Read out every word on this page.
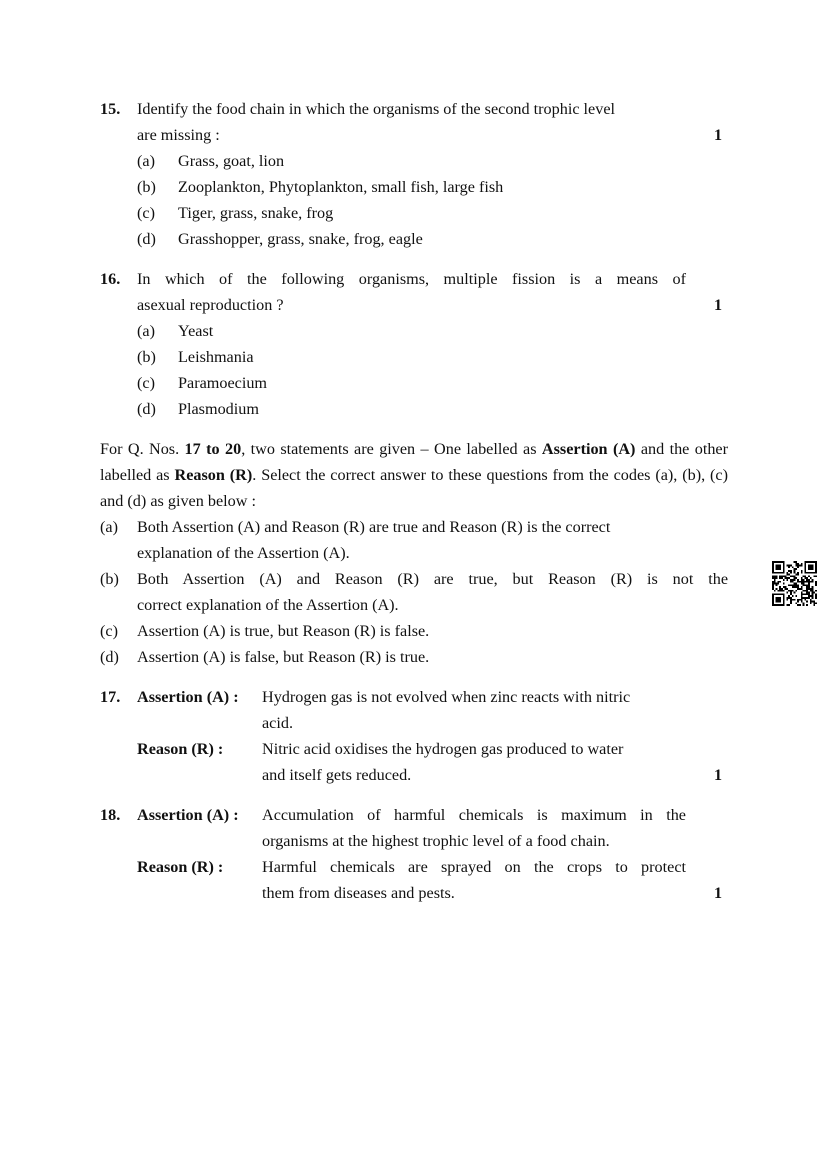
15.
1
Identify the food chain in which the organisms of the second trophic level
are missing :
(a)	Grass, goat, lion
(b)	Zooplankton, Phytoplankton, small fish, large fish
(c)	Tiger, grass, snake, frog
(d)	Grasshopper, grass, snake, frog, eagle
16.
1
In which of the following organisms, multiple fission is a means of
asexual reproduction ?
(a)	Yeast
(b)	Leishmania
(c)	Paramoecium
(d)	Plasmodium

For Q. Nos. 17 to 20, two statements are given – One labelled as Assertion (A) and the other labelled as Reason (R). Select the correct answer to these questions from the codes (a), (b), (c) and (d) as given below :

(a)	Both Assertion (A) and Reason (R) are true and Reason (R) is the correct
explanation of the Assertion (A).
(b)	Both Assertion (A) and Reason (R) are true, but Reason (R) is not the
correct explanation of the Assertion (A).
(c)	Assertion (A) is true, but Reason (R) is false.
(d)	Assertion (A) is false, but Reason (R) is true.
17.	Assertion (A) :	Hydrogen gas is not evolved when zinc reacts with nitric
acid.
Reason (R) :
1
Nitric acid oxidises the hydrogen gas produced to water
and itself gets reduced.
18.	Assertion (A) :	Accumulation of harmful chemicals is maximum in the
organisms at the highest trophic level of a food chain.
Reason (R) :
1
Harmful chemicals are sprayed on the crops to protect
them from diseases and pests.
